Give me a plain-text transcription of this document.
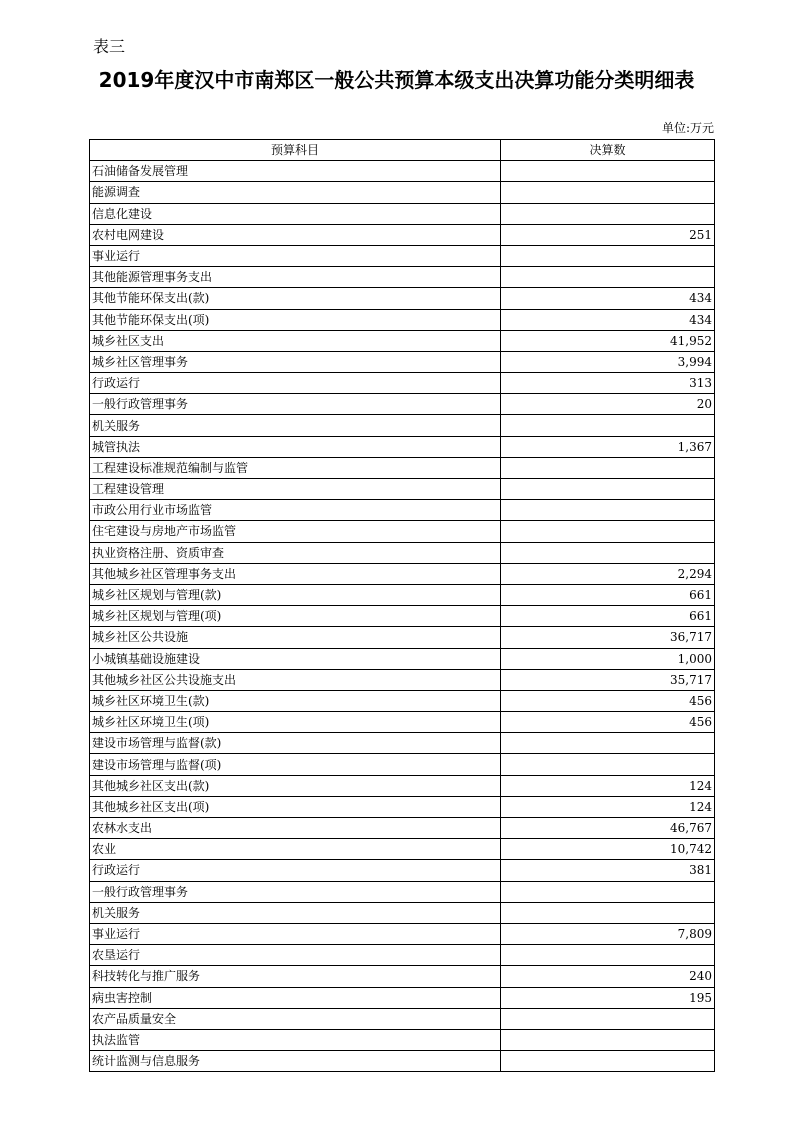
表三
2019年度汉中市南郑区一般公共预算本级支出决算功能分类明细表
单位:万元
预算科目	决算数
石油储备发展管理	
能源调查	
信息化建设	
农村电网建设	251
事业运行	
其他能源管理事务支出	
其他节能环保支出(款)	434
其他节能环保支出(项)	434
城乡社区支出	41,952
城乡社区管理事务	3,994
行政运行	313
一般行政管理事务	20
机关服务	
城管执法	1,367
工程建设标准规范编制与监管	
工程建设管理	
市政公用行业市场监管	
住宅建设与房地产市场监管	
执业资格注册、资质审查	
其他城乡社区管理事务支出	2,294
城乡社区规划与管理(款)	661
城乡社区规划与管理(项)	661
城乡社区公共设施	36,717
小城镇基础设施建设	1,000
其他城乡社区公共设施支出	35,717
城乡社区环境卫生(款)	456
城乡社区环境卫生(项)	456
建设市场管理与监督(款)	
建设市场管理与监督(项)	
其他城乡社区支出(款)	124
其他城乡社区支出(项)	124
农林水支出	46,767
农业	10,742
行政运行	381
一般行政管理事务	
机关服务	
事业运行	7,809
农垦运行	
科技转化与推广服务	240
病虫害控制	195
农产品质量安全	
执法监管	
统计监测与信息服务	
